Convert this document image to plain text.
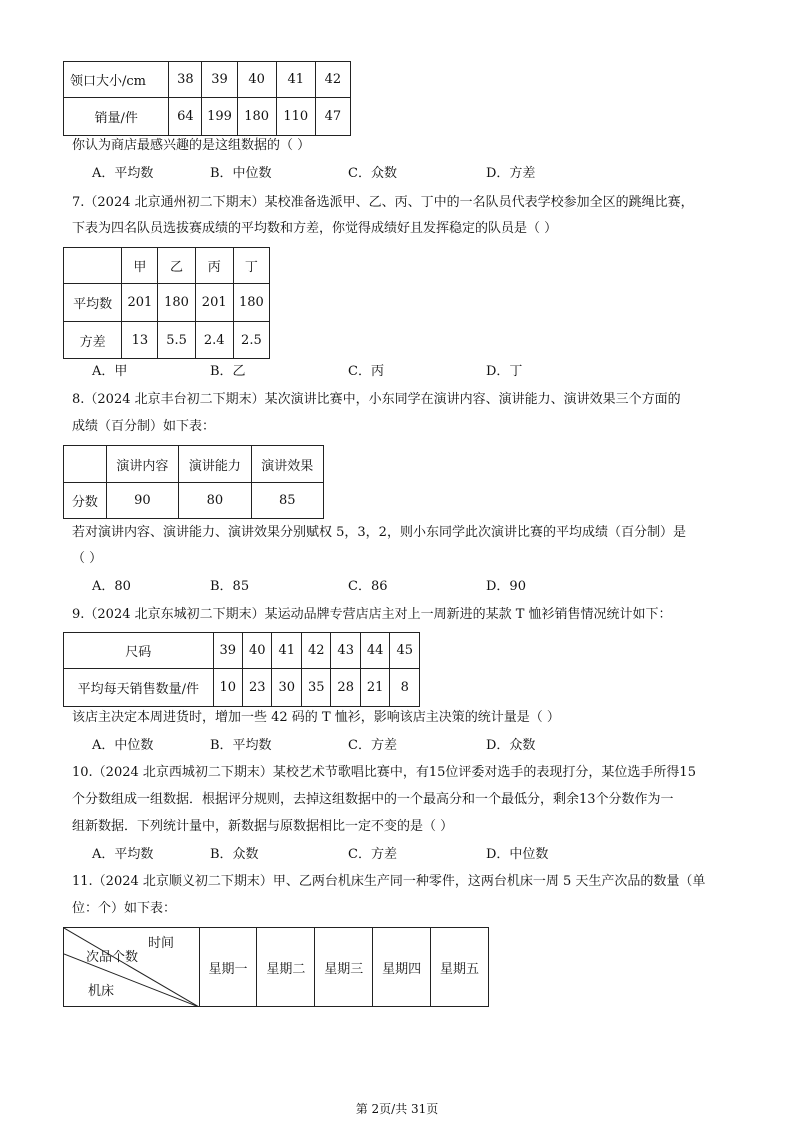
领口大小/cm	38	39	40	41	42
销量/件	64	199	180	110	47
你认为商店最感兴趣的是这组数据的（ ）
A．平均数	B．中位数	C．众数	D．方差
7.（2024 北京通州初二下期末）某校准备选派甲、乙、丙、丁中的一名队员代表学校参加全区的跳绳比赛，
下表为四名队员选拔赛成绩的平均数和方差，你觉得成绩好且发挥稳定的队员是（ ）
	甲	乙	丙	丁
平均数	201	180	201	180
方差	13	5.5	2.4	2.5
A．甲	B．乙	C．丙	D．丁
8.（2024 北京丰台初二下期末）某次演讲比赛中，小东同学在演讲内容、演讲能力、演讲效果三个方面的
成绩（百分制）如下表：
	演讲内容	演讲能力	演讲效果
分数	90	80	85
若对演讲内容、演讲能力、演讲效果分别赋权 5，3，2，则小东同学此次演讲比赛的平均成绩（百分制）是
（ ）
A．80	B．85	C．86	D．90
9.（2024 北京东城初二下期末）某运动品牌专营店店主对上一周新进的某款 T 恤衫销售情况统计如下：
尺码	39	40	41	42	43	44	45
平均每天销售数量/件	10	23	30	35	28	21	8
该店主决定本周进货时，增加一些 42 码的 T 恤衫，影响该店主决策的统计量是（ ）
A．中位数	B．平均数	C．方差	D．众数
10.（2024 北京西城初二下期末）某校艺术节歌唱比赛中，有15位评委对选手的表现打分，某位选手所得15
个分数组成一组数据．根据评分规则，去掉这组数据中的一个最高分和一个最低分，剩余13个分数作为一
组新数据．下列统计量中，新数据与原数据相比一定不变的是（ ）
A．平均数	B．众数	C．方差	D．中位数
11.（2024 北京顺义初二下期末）甲、乙两台机床生产同一种零件，这两台机床一周 5 天生产次品的数量（单
位：个）如下表：
时间
次品个数
机床
	星期一	星期二	星期三	星期四	星期五
第 2页/共 31页
